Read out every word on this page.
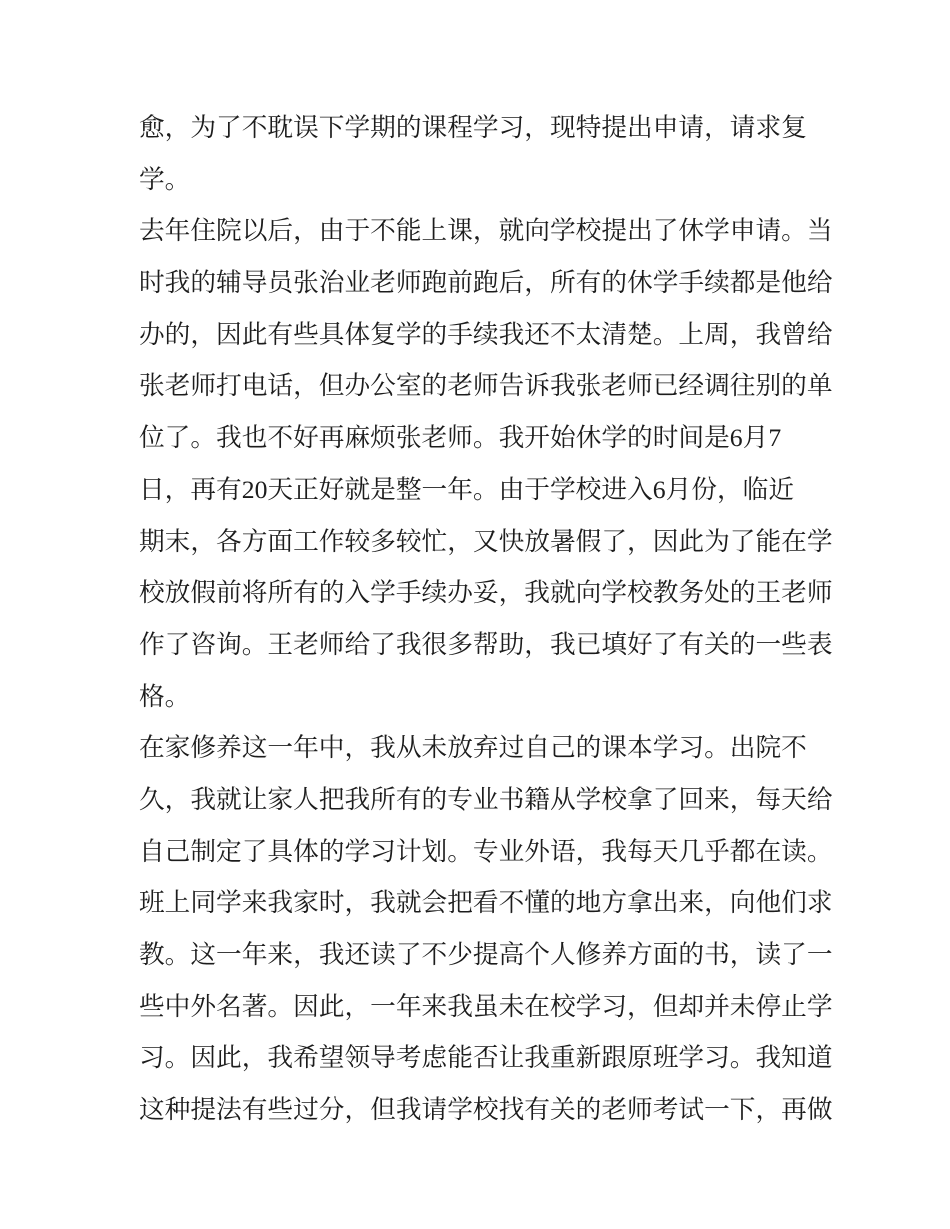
愈，为了不耽误下学期的课程学习，现特提出申请，请求复
学。
去年住院以后，由于不能上课，就向学校提出了休学申请。当
时我的辅导员张治业老师跑前跑后，所有的休学手续都是他给
办的，因此有些具体复学的手续我还不太清楚。上周，我曾给
张老师打电话，但办公室的老师告诉我张老师已经调往别的单
位了。我也不好再麻烦张老师。我开始休学的时间是6月7
日，再有20天正好就是整一年。由于学校进入6月份，临近
期末，各方面工作较多较忙，又快放暑假了，因此为了能在学
校放假前将所有的入学手续办妥，我就向学校教务处的王老师
作了咨询。王老师给了我很多帮助，我已填好了有关的一些表
格。
在家修养这一年中，我从未放弃过自己的课本学习。出院不
久，我就让家人把我所有的专业书籍从学校拿了回来，每天给
自己制定了具体的学习计划。专业外语，我每天几乎都在读。
班上同学来我家时，我就会把看不懂的地方拿出来，向他们求
教。这一年来，我还读了不少提高个人修养方面的书，读了一
些中外名著。因此，一年来我虽未在校学习，但却并未停止学
习。因此，我希望领导考虑能否让我重新跟原班学习。我知道
这种提法有些过分，但我请学校找有关的老师考试一下，再做
